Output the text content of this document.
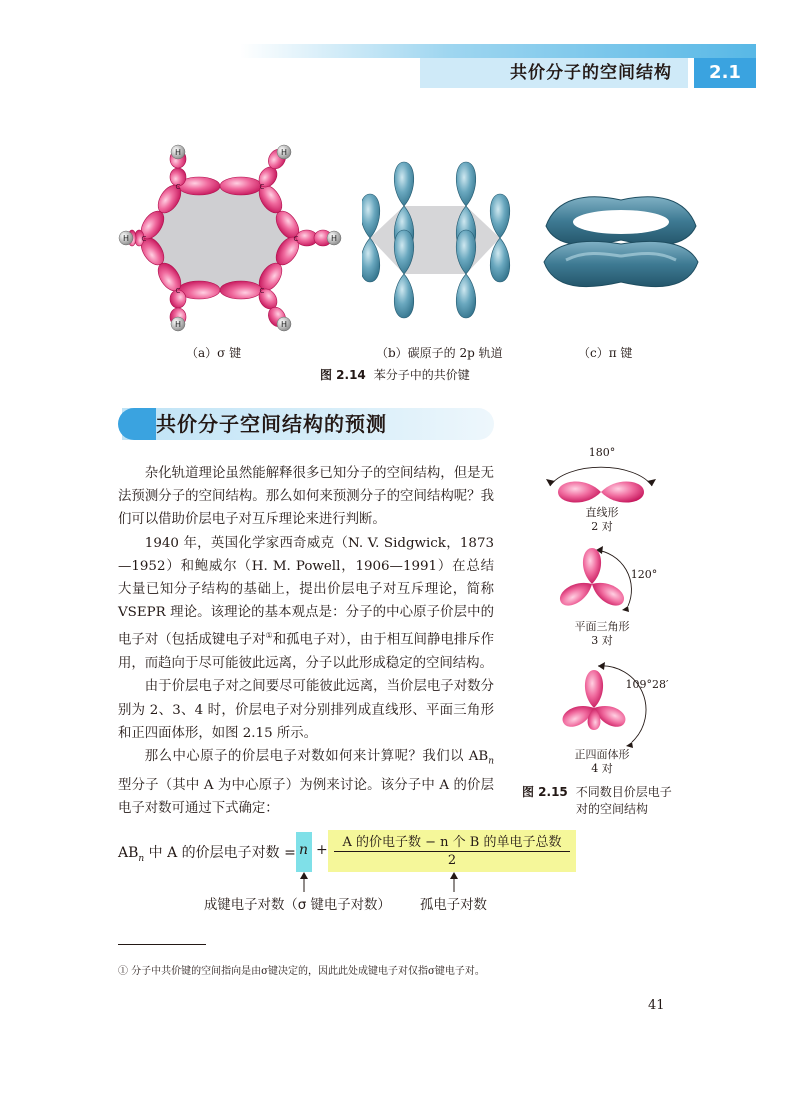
共价分子的空间结构	2.1
C	C
C
C
C
C
H	H
H
H
H
H
（a）σ 键	（b）碳原子的 2p 轨道	（c）π 键
图 2.14 苯分子中的共价键
共价分子空间结构的预测
杂化轨道理论虽然能解释很多已知分子的空间结构，但是无法预测分子的空间结构。那么如何来预测分子的空间结构呢？我们可以借助价层电子对互斥理论来进行判断。
1940 年，英国化学家西奇威克（N. V. Sidgwick，1873—1952）和鲍威尔（H. M. Powell，1906—1991）在总结大量已知分子结构的基础上，提出价层电子对互斥理论，简称 VSEPR 理论。该理论的基本观点是：分子的中心原子价层中的电子对（包括成键电子对①和孤电子对），由于相互间静电排斥作用，而趋向于尽可能彼此远离，分子以此形成稳定的空间结构。
由于价层电子对之间要尽可能彼此远离，当价层电子对数分别为 2、3、4 时，价层电子对分别排列成直线形、平面三角形和正四面体形，如图 2.15 所示。
那么中心原子的价层电子对数如何来计算呢？我们以 $AB_n$ 型分子（其中 A 为中心原子）为例来讨论。该分子中 A 的价层电子对数可通过下式确定：
180°
直线形
2 对
120°
平面三角形
3 对
109°28′
正四面体形
4 对
图 2.15 不同数目价层电子
对的空间结构
$AB_n$ 中 A 的价层电子对数 = n +	A 的价电子数 − n 个 B 的单电子总数
2
成键电子对数（σ 键电子对数） 孤电子对数
① 分子中共价键的空间指向是由σ键决定的，因此此处成键电子对仅指σ键电子对。
41
